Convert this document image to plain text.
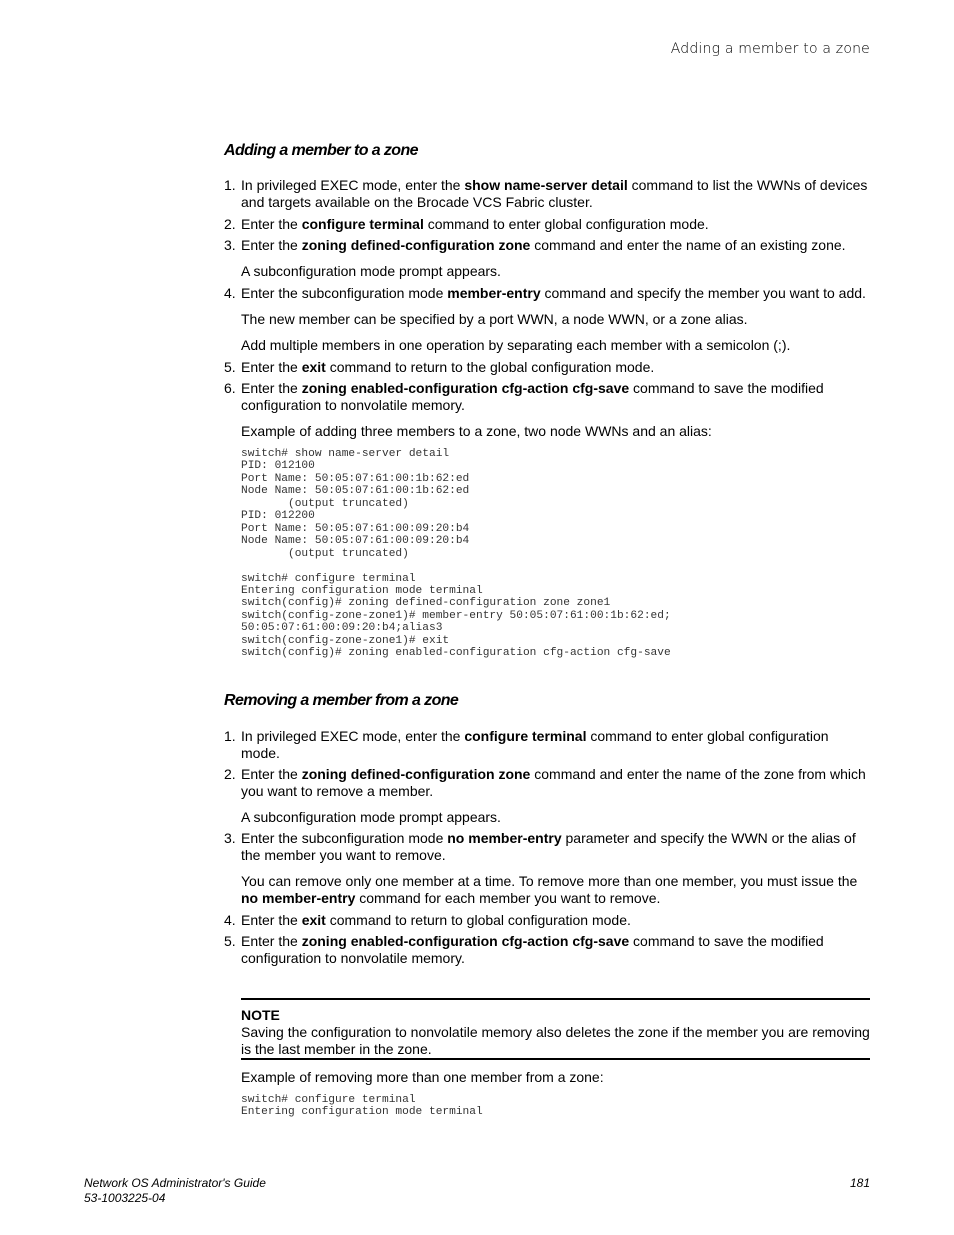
Adding a member to a zone
Adding a member to a zone
1. In privileged EXEC mode, enter the show name-server detail command to list the WWNs of devices and targets available on the Brocade VCS Fabric cluster.
2. Enter the configure terminal command to enter global configuration mode.
3. Enter the zoning defined-configuration zone command and enter the name of an existing zone.
A subconfiguration mode prompt appears.
4. Enter the subconfiguration mode member-entry command and specify the member you want to add.
The new member can be specified by a port WWN, a node WWN, or a zone alias.
Add multiple members in one operation by separating each member with a semicolon (;).
5. Enter the exit command to return to the global configuration mode.
6. Enter the zoning enabled-configuration cfg-action cfg-save command to save the modified configuration to nonvolatile memory.
Example of adding three members to a zone, two node WWNs and an alias:
switch# show name-server detail
PID: 012100
Port Name: 50:05:07:61:00:1b:62:ed
Node Name: 50:05:07:61:00:1b:62:ed
(output truncated)
PID: 012200
Port Name: 50:05:07:61:00:09:20:b4
Node Name: 50:05:07:61:00:09:20:b4
(output truncated)

switch# configure terminal
Entering configuration mode terminal
switch(config)# zoning defined-configuration zone zone1
switch(config-zone-zone1)# member-entry 50:05:07:61:00:1b:62:ed;
50:05:07:61:00:09:20:b4;alias3
switch(config-zone-zone1)# exit
switch(config)# zoning enabled-configuration cfg-action cfg-save
Removing a member from a zone
1. In privileged EXEC mode, enter the configure terminal command to enter global configuration mode.
2. Enter the zoning defined-configuration zone command and enter the name of the zone from which you want to remove a member.
A subconfiguration mode prompt appears.
3. Enter the subconfiguration mode no member-entry parameter and specify the WWN or the alias of the member you want to remove.
You can remove only one member at a time. To remove more than one member, you must issue the no member-entry command for each member you want to remove.
4. Enter the exit command to return to global configuration mode.
5. Enter the zoning enabled-configuration cfg-action cfg-save command to save the modified configuration to nonvolatile memory.
NOTE
Saving the configuration to nonvolatile memory also deletes the zone if the member you are removing is the last member in the zone.
Example of removing more than one member from a zone:
switch# configure terminal
Entering configuration mode terminal
Network OS Administrator's Guide
53-1003225-04
181
